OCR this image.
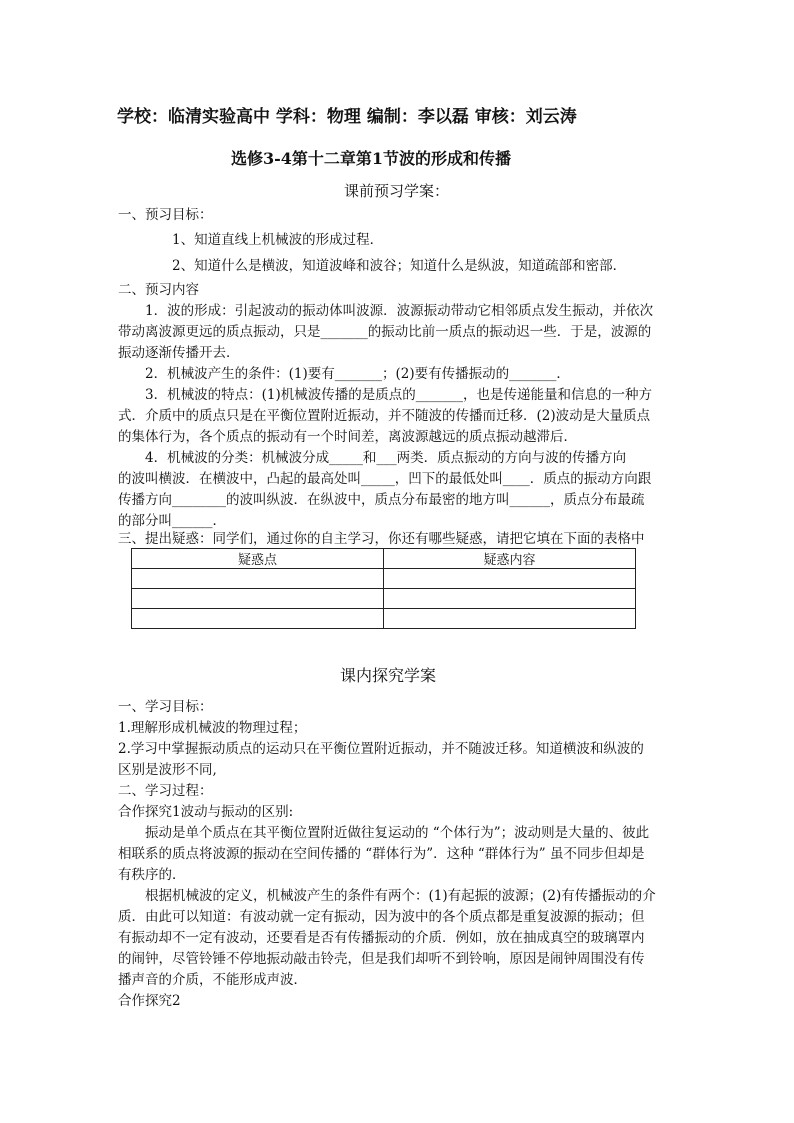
学校：临清实验高中 学科：物理 编制：李以磊 审核：刘云涛
选修3-4第十二章第1节波的形成和传播
课前预习学案：
一、预习目标：
1、知道直线上机械波的形成过程．
2、知道什么是横波，知道波峰和波谷；知道什么是纵波，知道疏部和密部．
二、预习内容
1．波的形成：引起波动的振动体叫波源．波源振动带动它相邻质点发生振动，并依次
带动离波源更远的质点振动，只是_______的振动比前一质点的振动迟一些．于是，波源的
振动逐渐传播开去．
2．机械波产生的条件：(1)要有_______；(2)要有传播振动的_______．
3．机械波的特点：(1)机械波传播的是质点的_______，也是传递能量和信息的一种方
式．介质中的质点只是在平衡位置附近振动，并不随波的传播而迁移．(2)波动是大量质点
的集体行为，各个质点的振动有一个时间差，离波源越远的质点振动越滞后．
4．机械波的分类：机械波分成_____和___两类．质点振动的方向与波的传播方向
的波叫横波．在横波中，凸起的最高处叫_____，凹下的最低处叫____．质点的振动方向跟
传播方向________的波叫纵波．在纵波中，质点分布最密的地方叫______，质点分布最疏
的部分叫______．
三、提出疑惑：同学们，通过你的自主学习，你还有哪些疑惑，请把它填在下面的表格中
疑惑点	疑惑内容

课内探究学案
一、学习目标：
1.理解形成机械波的物理过程；
2.学习中掌握振动质点的运动只在平衡位置附近振动，并不随波迁移。知道横波和纵波的
区别是波形不同,
二、学习过程：
合作探究1波动与振动的区别:
振动是单个质点在其平衡位置附近做往复运动的 “个体行为”；波动则是大量的、彼此
相联系的质点将波源的振动在空间传播的 “群体行为”．这种 “群体行为” 虽不同步但却是
有秩序的．
根据机械波的定义，机械波产生的条件有两个：(1)有起振的波源；(2)有传播振动的介
质．由此可以知道：有波动就一定有振动，因为波中的各个质点都是重复波源的振动；但
有振动却不一定有波动，还要看是否有传播振动的介质．例如，放在抽成真空的玻璃罩内
的闹钟，尽管铃锤不停地振动敲击铃壳，但是我们却听不到铃响，原因是闹钟周围没有传
播声音的介质，不能形成声波．
合作探究2
